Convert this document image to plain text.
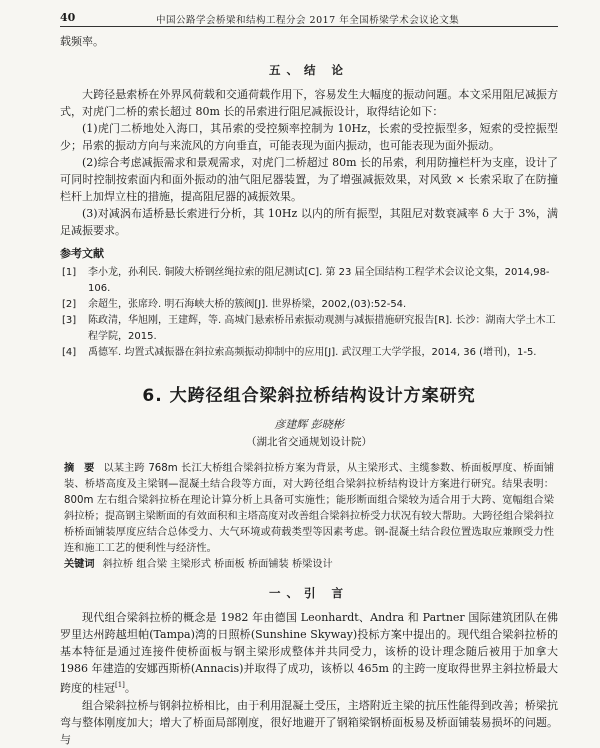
40	中国公路学会桥梁和结构工程分会 2017 年全国桥梁学术会议论文集

载频率。

五、结 论

大跨径悬索桥在外界风荷载和交通荷载作用下，容易发生大幅度的振动问题。本文采用阻尼减振方式，对虎门二桥的索长超过 80m 长的吊索进行阻尼减振设计，取得结论如下：

(1)虎门二桥地处入海口，其吊索的受控频率控制为 10Hz，长索的受控振型多，短索的受控振型少；吊索的振动方向与来流风的方向垂直，可能表现为面内振动，也可能表现为面外振动。

(2)综合考虑减振需求和景观需求，对虎门二桥超过 80m 长的吊索，利用防撞栏杆为支座，设计了可同时控制按索面内和面外振动的油气阻尼器装置，为了增强减振效果，对风致 × 长索采取了在防撞栏杆上加焊立柱的措施，提高阻尼器的减振效果。

(3)对减涡布适桥悬长索进行分析，其 10Hz 以内的所有振型，其阻尼对数衰减率 δ 大于 3%，满足减振要求。

参考文献
[1] 李小龙，孙利民. 铜陵大桥钢丝绳拉索的阻尼测试[C]. 第 23 届全国结构工程学术会议论文集，2014,98-106.
[2] 余超生，张席玲. 明石海峡大桥的簇阀[J]. 世界桥梁，2002,(03):52-54.
[3] 陈政清，华旭刚，王建辉，等. 高城门悬索桥吊索振动观测与减振措施研究报告[R]. 长沙：湖南大学土木工程学院，2015.
[4] 禹德军. 均置式减振器在斜拉索高频振动抑制中的应用[J]. 武汉理工大学学报，2014, 36 (增刊)，1-5.
6. 大跨径组合梁斜拉桥结构设计方案研究
彦建辉 彭晓彬
（湖北省交通规划设计院）
摘 要 以某主跨 768m 长江大桥组合梁斜拉桥方案为背景，从主梁形式、主缆参数、桥面板厚度、桥面铺装、桥塔高度及主梁钢—混凝土结合段等方面，对大跨径组合梁斜拉桥结构设计方案进行研究。结果表明：800m 左右组合梁斜拉桥在理论计算分析上具备可实施性；能形断面组合梁较为适合用于大跨、宽幅组合梁斜拉桥；提高钢主梁断面的有效面积和主塔高度对改善组合梁斜拉桥受力状况有较大帮助。大跨径组合梁斜拉桥桥面铺装厚度应结合总体受力、大气环境或荷载类型等因素考虑。钢-混凝土结合段位置选取应兼顾受力性连和施工工艺的便利性与经济性。
关键词 斜拉桥 组合梁 主梁形式 桥面板 桥面铺装 桥梁设计
一、引 言

现代组合梁斜拉桥的概念是 1982 年由德国 Leonhardt、Andra 和 Partner 国际建筑团队在佛罗里达州跨越坦帕(Tampa)湾的日照桥(Sunshine Skyway)投标方案中提出的。现代组合梁斜拉桥的基本特征是通过连接件使桥面板与钢主梁形成整体并共同受力，该桥的设计理念随后被用于加拿大 1986 年建造的安娜西斯桥(Annacis)并取得了成功，该桥以 465m 的主跨一度取得世界主斜拉桥最大跨度的桂冠[1]。

组合梁斜拉桥与钢斜拉桥相比，由于利用混凝土受压，主塔附近主梁的抗压性能得到改善；桥梁抗弯与整体刚度加大；增大了桥面局部刚度，很好地避开了钢箱梁钢桥面板易及桥面铺装易损坏的问题。与
